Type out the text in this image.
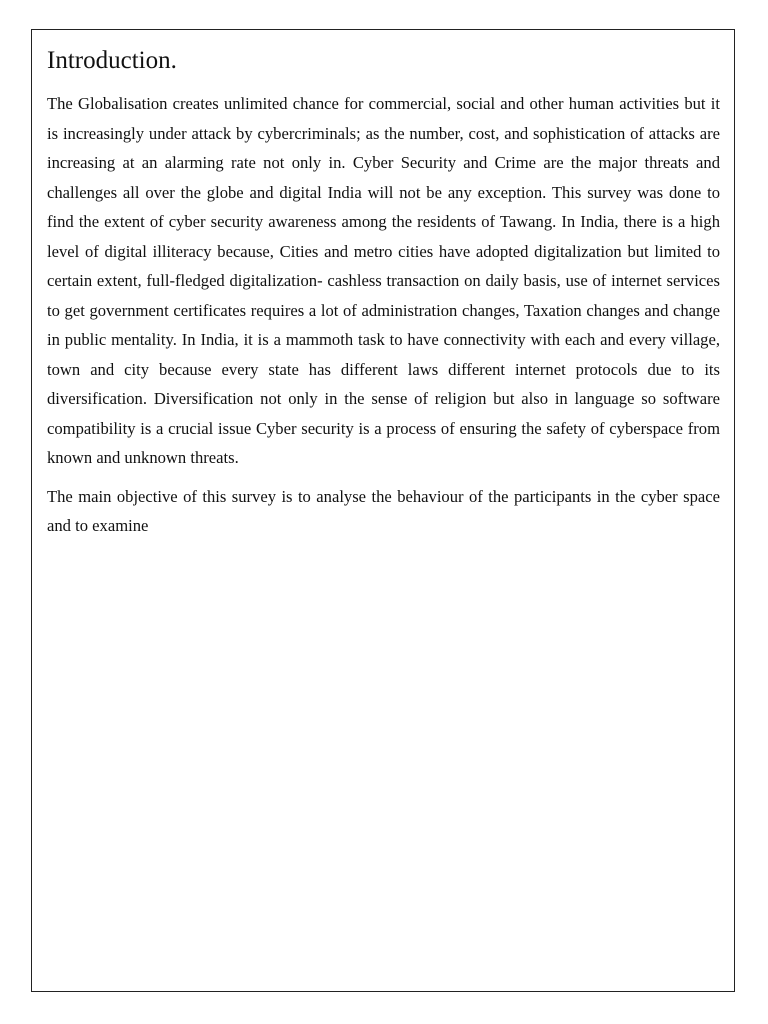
Introduction.

The Globalisation creates unlimited chance for commercial, social and other human activities but it is increasingly under attack by cybercriminals; as the number, cost, and sophistication of attacks are increasing at an alarming rate not only in. Cyber Security and Crime are the major threats and challenges all over the globe and digital India will not be any exception. This survey was done to find the extent of cyber security awareness among the residents of Tawang. In India, there is a high level of digital illiteracy because, Cities and metro cities have adopted digitalization but limited to certain extent, full-fledged digitalization- cashless transaction on daily basis, use of internet services to get government certificates requires a lot of administration changes, Taxation changes and change in public mentality. In India, it is a mammoth task to have connectivity with each and every village, town and city because every state has different laws different internet protocols due to its diversification. Diversification not only in the sense of religion but also in language so software compatibility is a crucial issue Cyber security is a process of ensuring the safety of cyberspace from known and unknown threats.

The main objective of this survey is to analyse the behaviour of the participants in the cyber space and to examine
